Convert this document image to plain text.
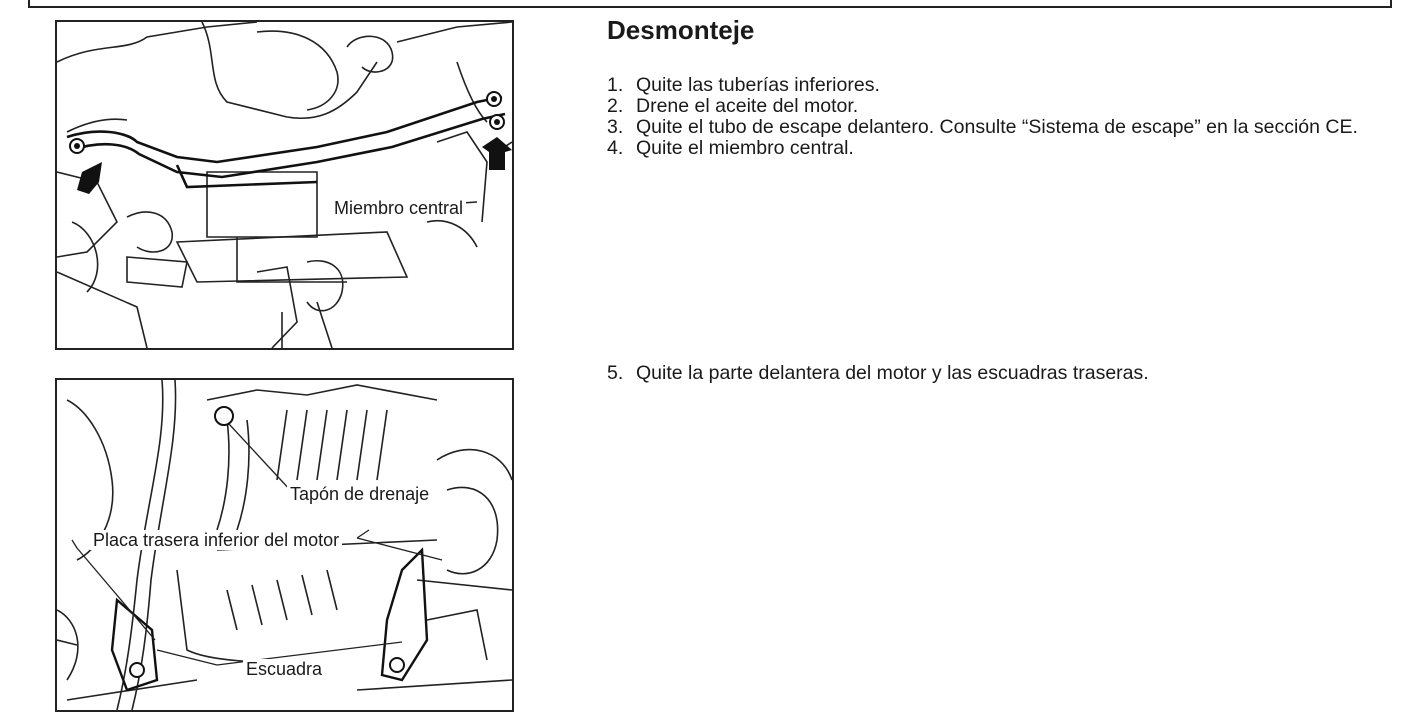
Miembro central
Tapón de drenaje
Placa trasera inferior del motor
Escuadra
Desmonteje
1. Quite las tuberías inferiores.
2. Drene el aceite del motor.
3. Quite el tubo de escape delantero. Consulte “Sistema de escape” en la sección CE.
4. Quite el miembro central.
5. Quite la parte delantera del motor y las escuadras traseras.
